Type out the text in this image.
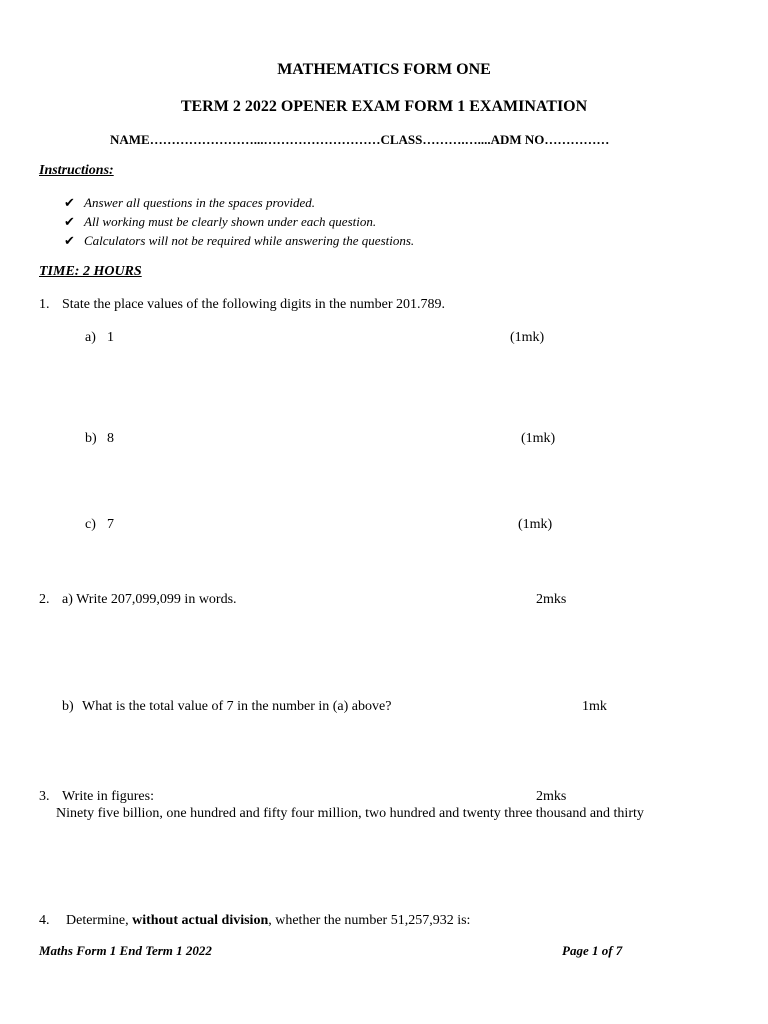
MATHEMATICS FORM ONE
TERM 2 2022 OPENER EXAM FORM 1 EXAMINATION
NAME……………………...………………………CLASS……….…....ADM NO……………
Instructions:
✔ Answer all questions in the spaces provided.
✔ All working must be clearly shown under each question.
✔ Calculators will not be required while answering the questions.
TIME: 2 HOURS
1. State the place values of the following digits in the number 201.789.
a) 1	(1mk)
b) 8	(1mk)
c) 7	(1mk)
2. a) Write 207,099,099 in words.	2mks
b) What is the total value of 7 in the number in (a) above?	1mk
3. Write in figures:	2mks
Ninety five billion, one hundred and fifty four million, two hundred and twenty three thousand and thirty
4. Determine, without actual division, whether the number 51,257,932 is:
Maths Form 1 End Term 1 2022	Page 1 of 7
